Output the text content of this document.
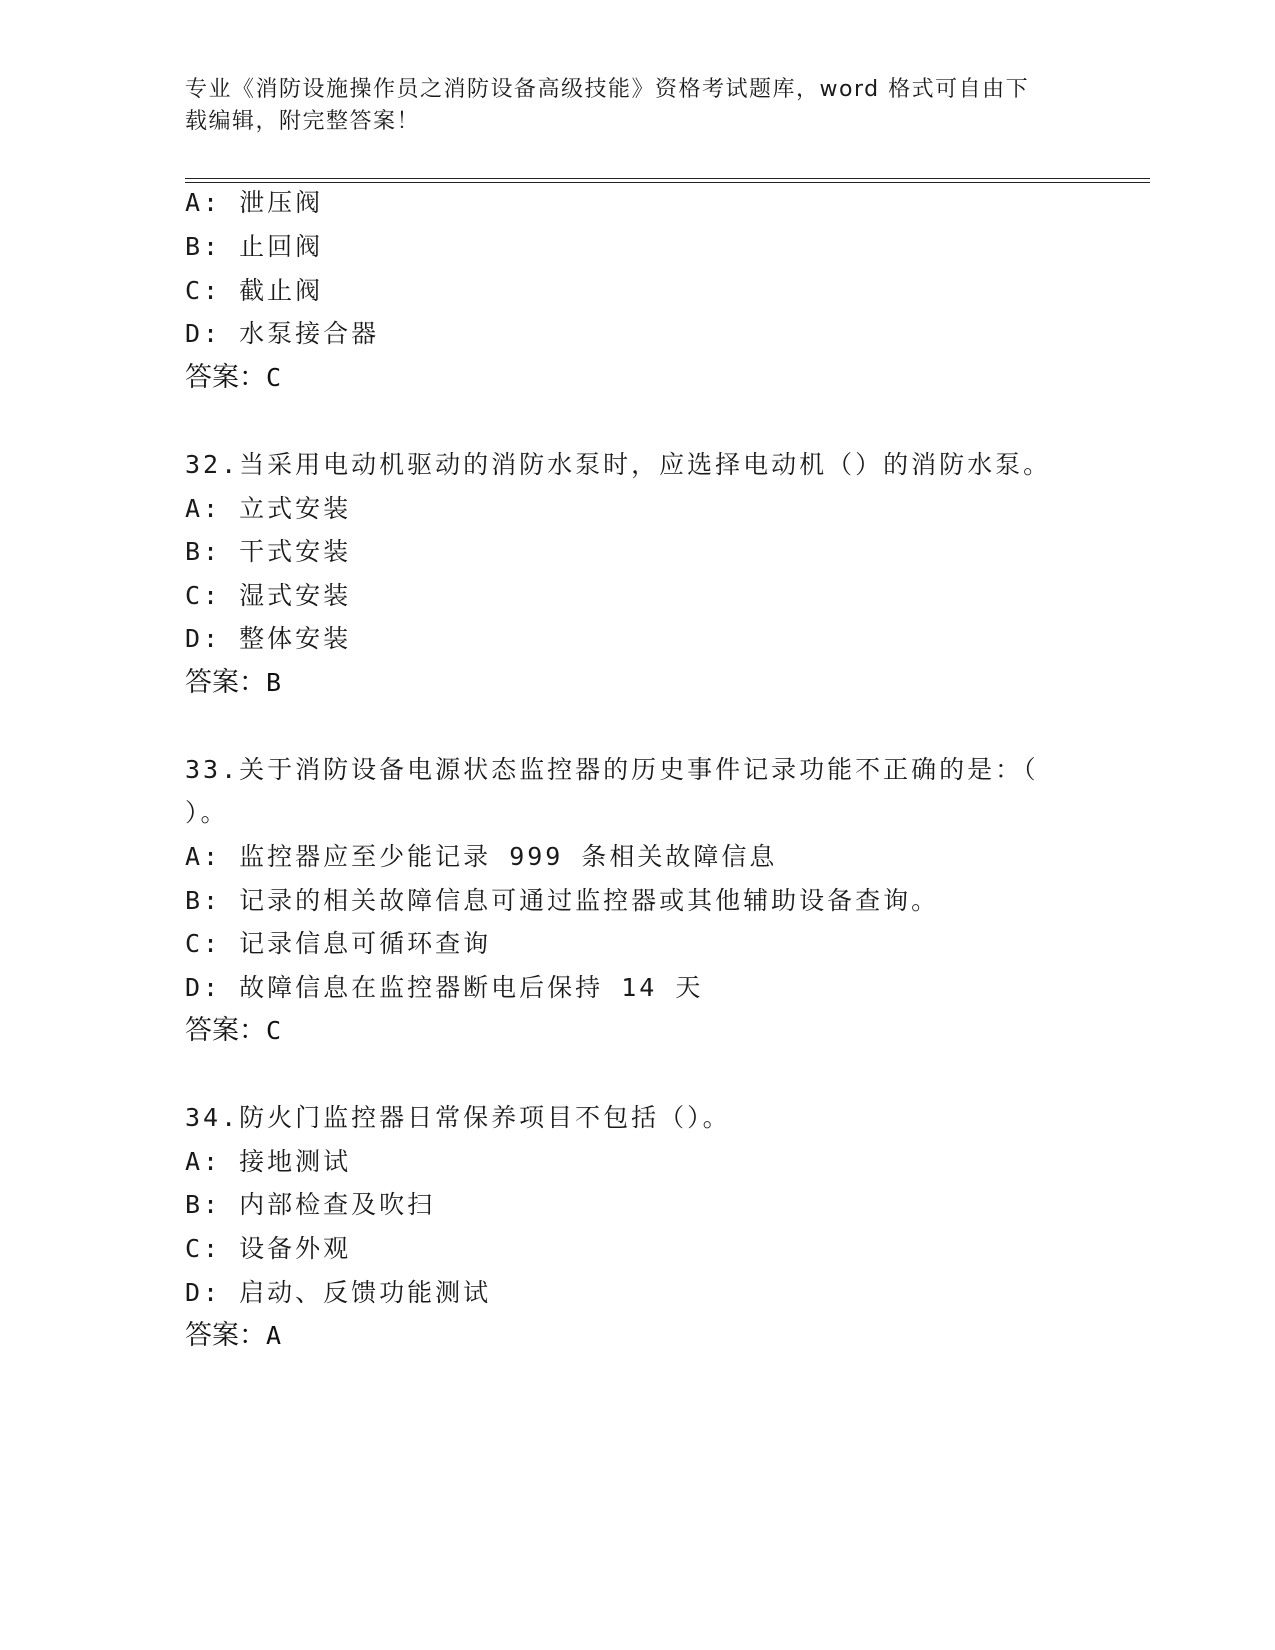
专业《消防设施操作员之消防设备高级技能》资格考试题库，word 格式可自由下
载编辑，附完整答案！
A: 泄压阀
B: 止回阀
C: 截止阀
D: 水泵接合器
答案：C
32.当采用电动机驱动的消防水泵时，应选择电动机（）的消防水泵。
A: 立式安装
B: 干式安装
C: 湿式安装
D: 整体安装
答案：B
33.关于消防设备电源状态监控器的历史事件记录功能不正确的是：（
）。
A: 监控器应至少能记录 999 条相关故障信息
B: 记录的相关故障信息可通过监控器或其他辅助设备查询。
C: 记录信息可循环查询
D: 故障信息在监控器断电后保持 14 天
答案：C
34.防火门监控器日常保养项目不包括（）。
A: 接地测试
B: 内部检查及吹扫
C: 设备外观
D: 启动、反馈功能测试
答案：A
